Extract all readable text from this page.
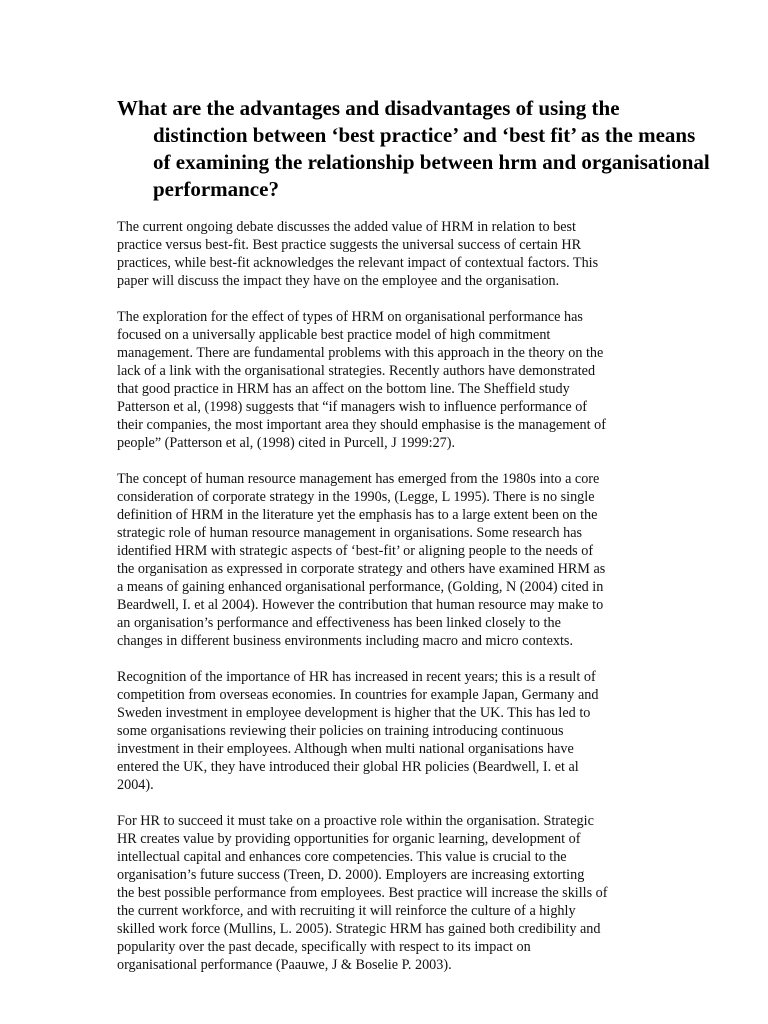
What are the advantages and disadvantages of using the distinction between ‘best practice’ and ‘best fit’ as the means of examining the relationship between hrm and organisational performance?

The current ongoing debate discusses the added value of HRM in relation to best
practice versus best-fit. Best practice suggests the universal success of certain HR
practices, while best-fit acknowledges the relevant impact of contextual factors. This
paper will discuss the impact they have on the employee and the organisation.

The exploration for the effect of types of HRM on organisational performance has
focused on a universally applicable best practice model of high commitment
management. There are fundamental problems with this approach in the theory on the
lack of a link with the organisational strategies. Recently authors have demonstrated
that good practice in HRM has an affect on the bottom line. The Sheffield study
Patterson et al, (1998) suggests that “if managers wish to influence performance of
their companies, the most important area they should emphasise is the management of
people” (Patterson et al, (1998) cited in Purcell, J 1999:27).

The concept of human resource management has emerged from the 1980s into a core
consideration of corporate strategy in the 1990s, (Legge, L 1995). There is no single
definition of HRM in the literature yet the emphasis has to a large extent been on the
strategic role of human resource management in organisations. Some research has
identified HRM with strategic aspects of ‘best-fit’ or aligning people to the needs of
the organisation as expressed in corporate strategy and others have examined HRM as
a means of gaining enhanced organisational performance, (Golding, N (2004) cited in
Beardwell, I. et al 2004). However the contribution that human resource may make to
an organisation’s performance and effectiveness has been linked closely to the
changes in different business environments including macro and micro contexts.

Recognition of the importance of HR has increased in recent years; this is a result of
competition from overseas economies. In countries for example Japan, Germany and
Sweden investment in employee development is higher that the UK. This has led to
some organisations reviewing their policies on training introducing continuous
investment in their employees. Although when multi national organisations have
entered the UK, they have introduced their global HR policies (Beardwell, I. et al
2004).

For HR to succeed it must take on a proactive role within the organisation. Strategic
HR creates value by providing opportunities for organic learning, development of
intellectual capital and enhances core competencies. This value is crucial to the
organisation’s future success (Treen, D. 2000). Employers are increasing extorting
the best possible performance from employees. Best practice will increase the skills of
the current workforce, and with recruiting it will reinforce the culture of a highly
skilled work force (Mullins, L. 2005). Strategic HRM has gained both credibility and
popularity over the past decade, specifically with respect to its impact on
organisational performance (Paauwe, J & Boselie P. 2003).
